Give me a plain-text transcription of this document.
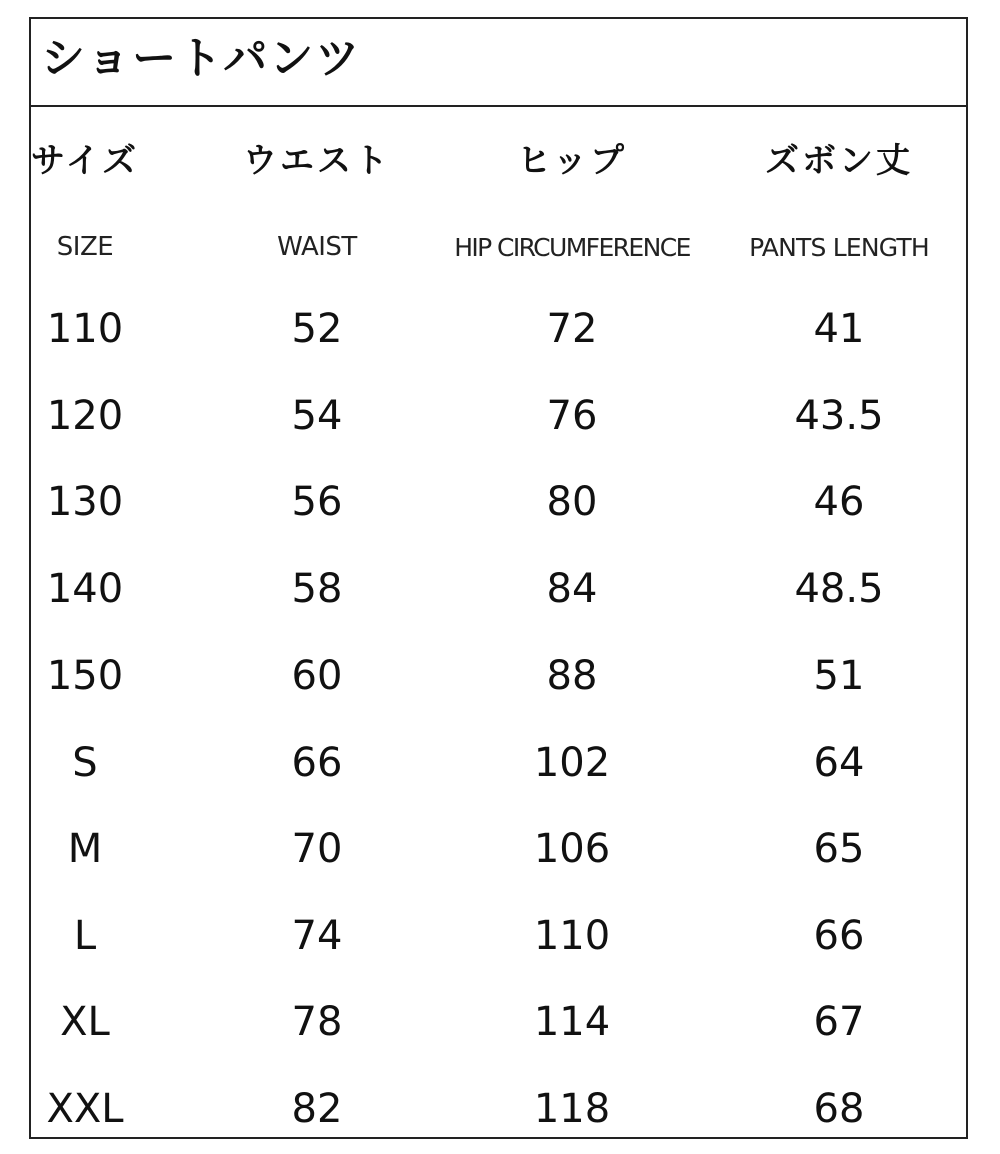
ショートパンツ
サイズ	ウエスト	ヒップ	ズボン丈
SIZE	WAIST	HIP CIRCUMFERENCE	PANTS LENGTH
110	52	72	41
120	54	76	43.5
130	56	80	46
140	58	84	48.5
150	60	88	51
S	66	102	64
M	70	106	65
L	74	110	66
XL	78	114	67
XXL	82	118	68
